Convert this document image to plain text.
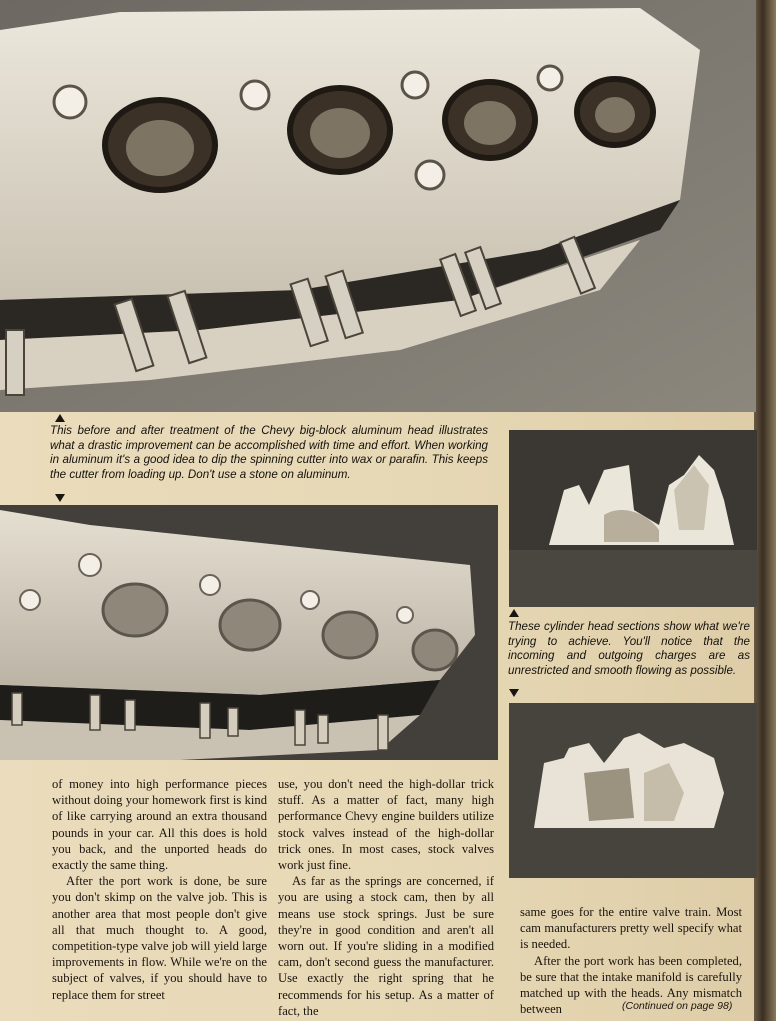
This before and after treatment of the Chevy big-block aluminum head illustrates what a drastic improvement can be accomplished with time and effort. When working in aluminum it's a good idea to dip the spinning cutter into wax or parafin. This keeps the cutter from loading up. Don't use a stone on aluminum.
These cylinder head sections show what we're trying to achieve. You'll notice that the incoming and outgoing charges are as unrestricted and smooth flowing as possible.

of money into high performance pieces without doing your homework first is kind of like carrying around an extra thousand pounds in your car. All this does is hold you back, and the unported heads do exactly the same thing.

After the port work is done, be sure you don't skimp on the valve job. This is another area that most people don't give all that much thought to. A good, competition-type valve job will yield large improvements in flow. While we're on the subject of valves, if you should have to replace them for street

use, you don't need the high-dollar trick stuff. As a matter of fact, many high performance Chevy engine builders utilize stock valves instead of the high-dollar trick ones. In most cases, stock valves work just fine.

As far as the springs are concerned, if you are using a stock cam, then by all means use stock springs. Just be sure they're in good condition and aren't all worn out. If you're sliding in a modified cam, don't second guess the manufacturer. Use exactly the right spring that he recommends for his setup. As a matter of fact, the

same goes for the entire valve train. Most cam manufacturers pretty well specify what is needed.

After the port work has been completed, be sure that the intake manifold is carefully matched up with the heads. Any mismatch between	(Continued on page 98)
